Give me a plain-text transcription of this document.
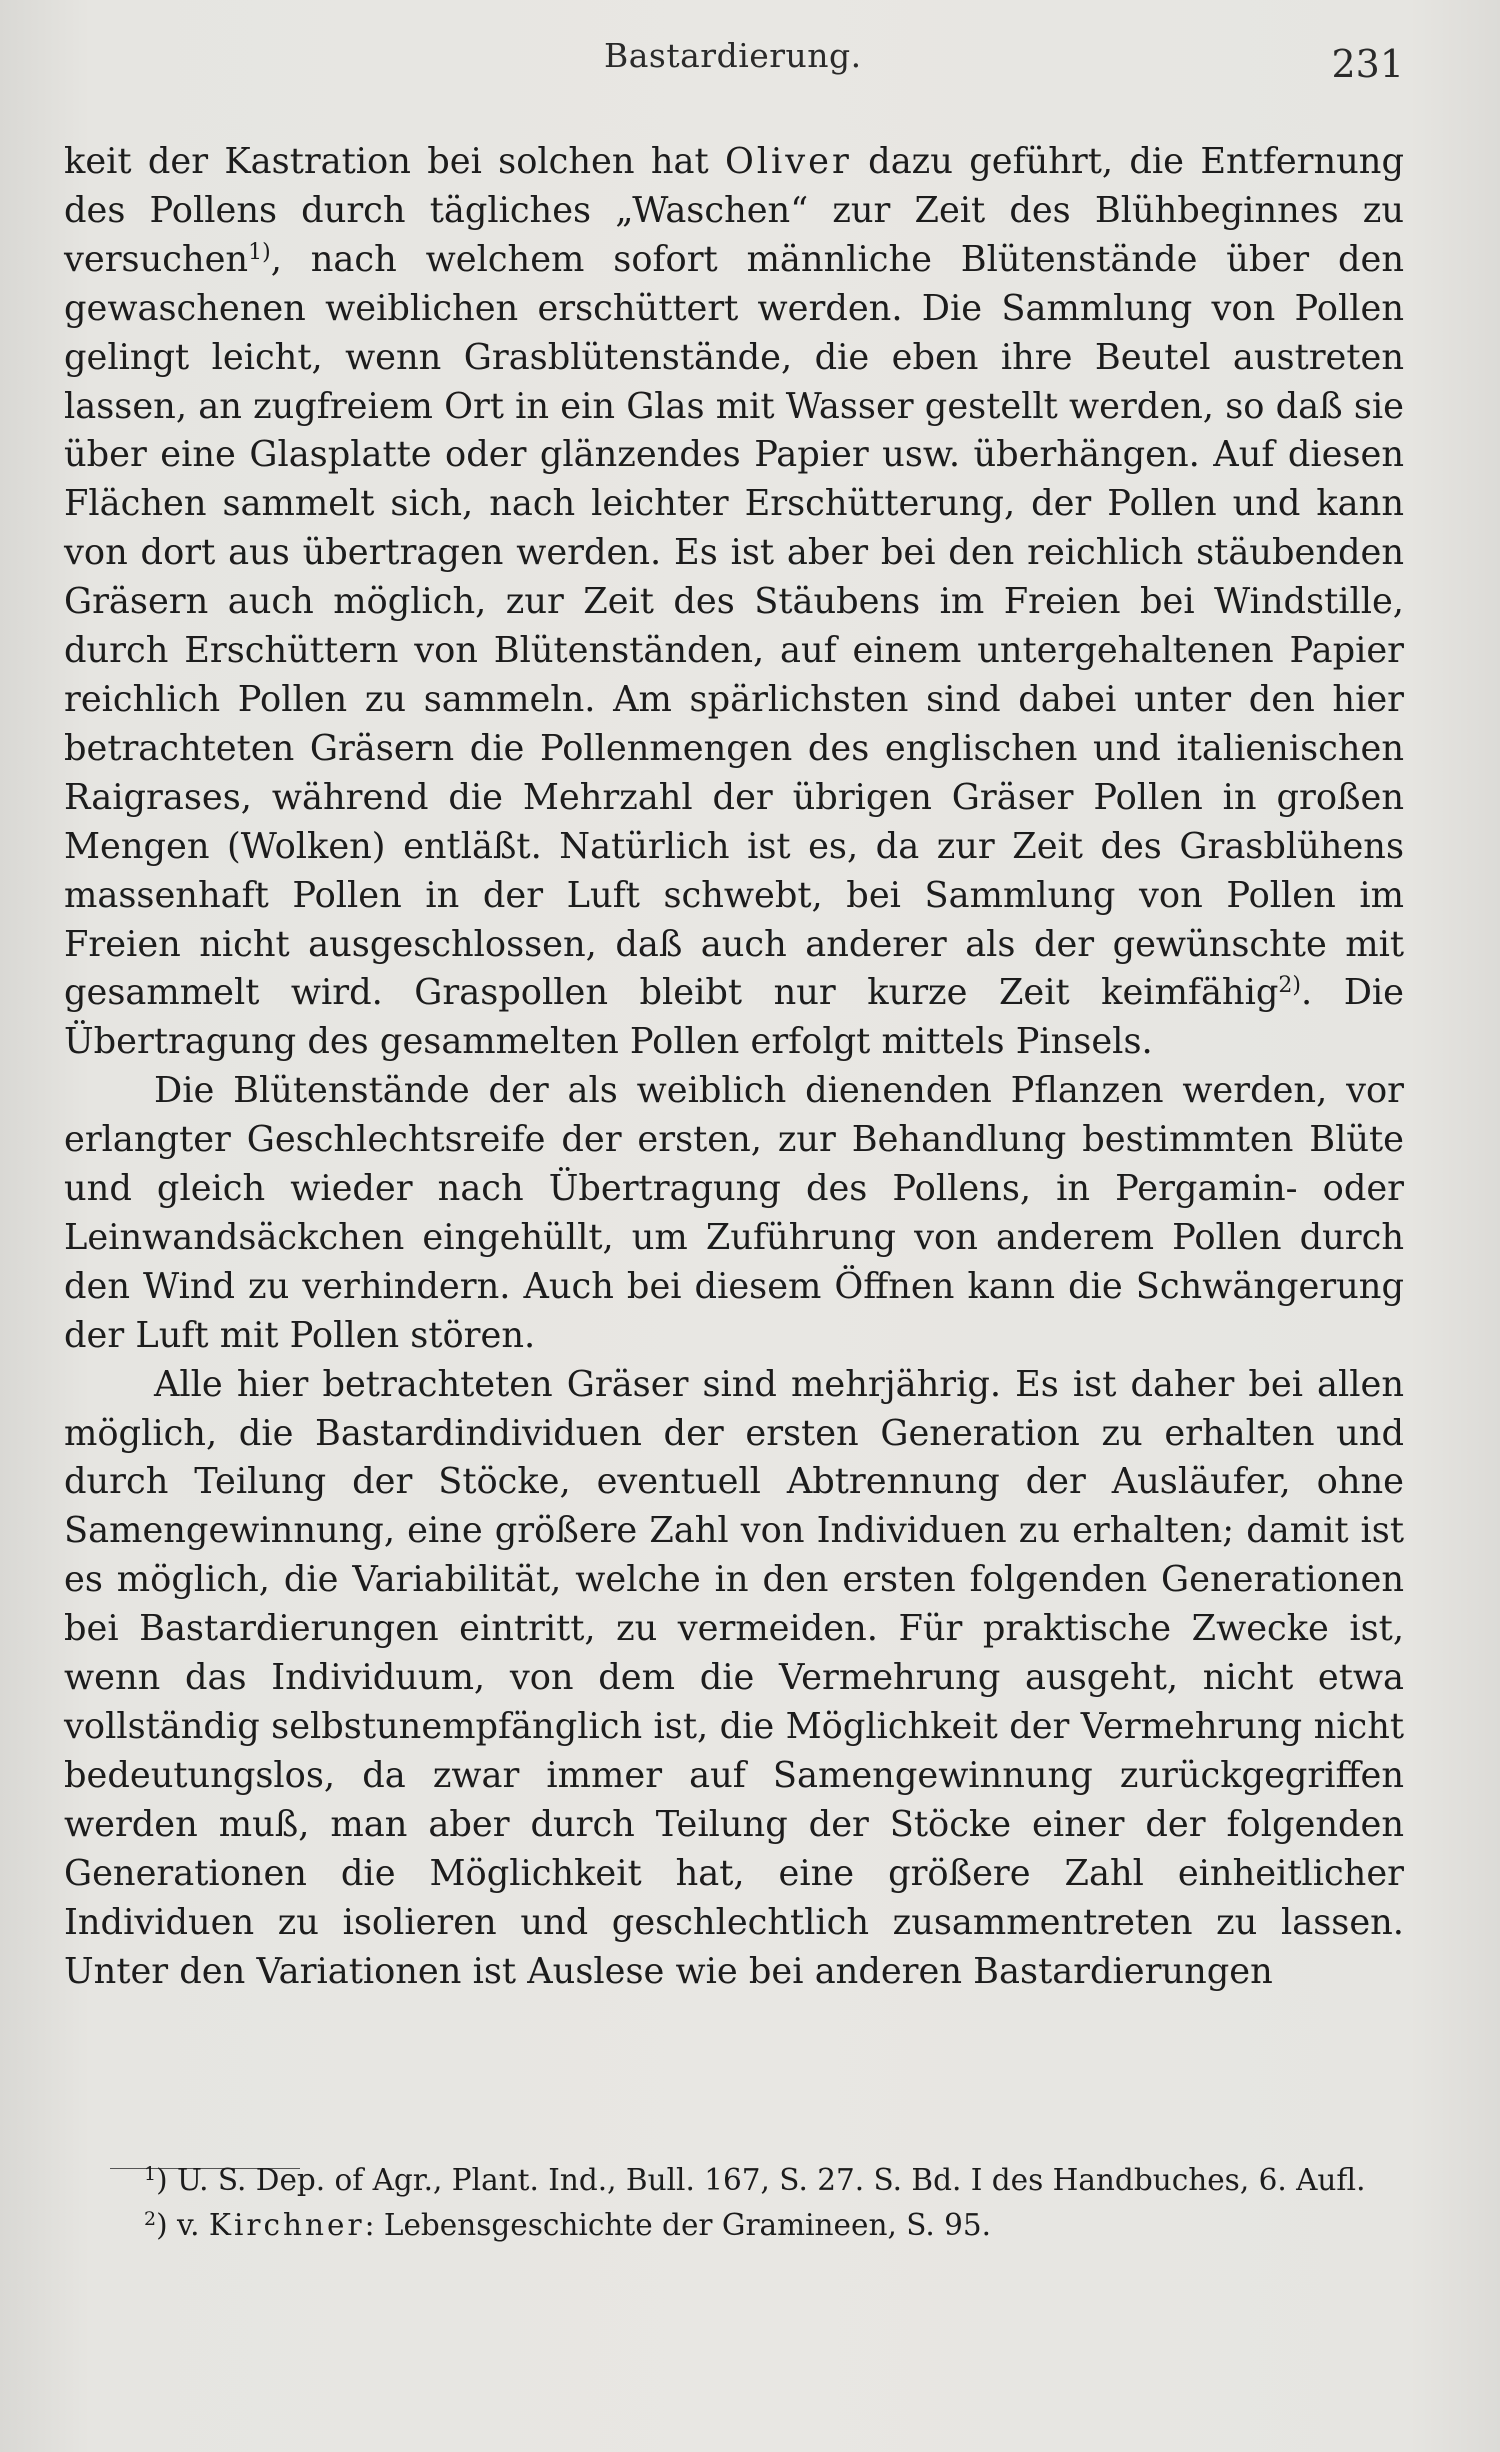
Bastardierung.	231

keit der Kastration bei solchen hat Oliver dazu geführt, die Entfernung des Pollens durch tägliches „Waschen“ zur Zeit des Blühbeginnes zu versuchen$^{1)}$, nach welchem sofort männliche Blütenstände über den gewaschenen weiblichen erschüttert werden. Die Sammlung von Pollen gelingt leicht, wenn Grasblütenstände, die eben ihre Beutel austreten lassen, an zugfreiem Ort in ein Glas mit Wasser gestellt werden, so daß sie über eine Glasplatte oder glänzendes Papier usw. überhängen. Auf diesen Flächen sammelt sich, nach leichter Erschütterung, der Pollen und kann von dort aus übertragen werden. Es ist aber bei den reichlich stäubenden Gräsern auch möglich, zur Zeit des Stäubens im Freien bei Windstille, durch Erschüttern von Blütenständen, auf einem untergehaltenen Papier reichlich Pollen zu sammeln. Am spärlichsten sind dabei unter den hier betrachteten Gräsern die Pollenmengen des englischen und italienischen Raigrases, während die Mehrzahl der übrigen Gräser Pollen in großen Mengen (Wolken) entläßt. Natürlich ist es, da zur Zeit des Grasblühens massenhaft Pollen in der Luft schwebt, bei Sammlung von Pollen im Freien nicht ausgeschlossen, daß auch anderer als der gewünschte mit gesammelt wird. Graspollen bleibt nur kurze Zeit keimfähig$^{2)}$. Die Übertragung des gesammelten Pollen erfolgt mittels Pinsels.

Die Blütenstände der als weiblich dienenden Pflanzen werden, vor erlangter Geschlechtsreife der ersten, zur Behandlung bestimmten Blüte und gleich wieder nach Übertragung des Pollens, in Pergamin- oder Leinwandsäckchen eingehüllt, um Zuführung von anderem Pollen durch den Wind zu verhindern. Auch bei diesem Öffnen kann die Schwängerung der Luft mit Pollen stören.

Alle hier betrachteten Gräser sind mehrjährig. Es ist daher bei allen möglich, die Bastardindividuen der ersten Generation zu erhalten und durch Teilung der Stöcke, eventuell Abtrennung der Ausläufer, ohne Samengewinnung, eine größere Zahl von Individuen zu erhalten; damit ist es möglich, die Variabilität, welche in den ersten folgenden Generationen bei Bastardierungen eintritt, zu vermeiden. Für praktische Zwecke ist, wenn das Individuum, von dem die Vermehrung ausgeht, nicht etwa vollständig selbstunempfänglich ist, die Möglichkeit der Vermehrung nicht bedeutungslos, da zwar immer auf Samengewinnung zurückgegriffen werden muß, man aber durch Teilung der Stöcke einer der folgenden Generationen die Möglichkeit hat, eine größere Zahl einheitlicher Individuen zu isolieren und geschlechtlich zusammentreten zu lassen. Unter den Variationen ist Auslese wie bei anderen Bastardierungen

$^1$) U. S. Dep. of Agr., Plant. Ind., Bull. 167, S. 27. S. Bd. I des Handbuches, 6. Aufl.

$^2$) v. Kirchner: Lebensgeschichte der Gramineen, S. 95.
